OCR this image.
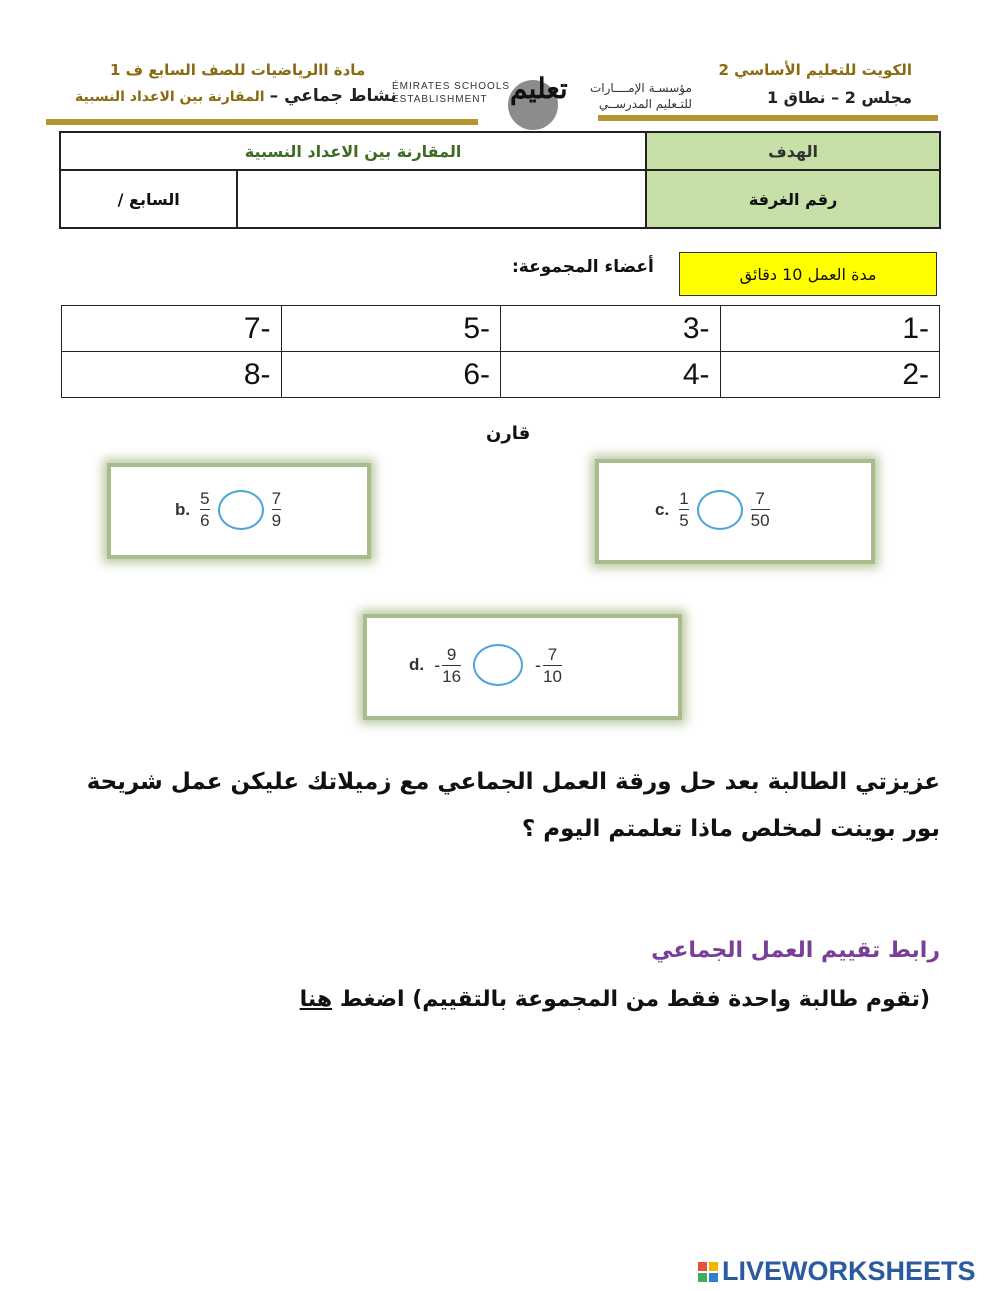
الكويت للتعليم الأساسي 2
مجلس 2 – نطاق 1
مادة االرياضيات للصف السابع ف 1
نشاط جماعي – المقارنة بين الاعداد النسبية
ÉMIRATES SCHOOLS
ESTABLISHMENT تعليم مؤسسـة الإمــــارات
للتـعليم المدرســي
المقارنة بين الاعداد النسبية		الهدف
السابع /		رقم الغرفة
مدة العمل 10 دقائق
أعضاء المجموعة:
7-	5-	3-	1-
8-	6-	4-	2-
قارن
b. $\frac{5}{6}$	$\frac{7}{9}$	c. $\frac{1}{5}$	$\frac{7}{50}$
d. - $\frac{9}{16}$	- $\frac{7}{10}$
عزيزتي الطالبة بعد حل ورقة العمل الجماعي مع زميلاتك عليكن عمل شريحة
بور بوينت لمخلص ماذا تعلمتم اليوم ؟
رابط تقييم العمل الجماعي
(تقوم طالبة واحدة فقط من المجموعة بالتقييم) اضغط هنا
LIVEWORKSHEETS
